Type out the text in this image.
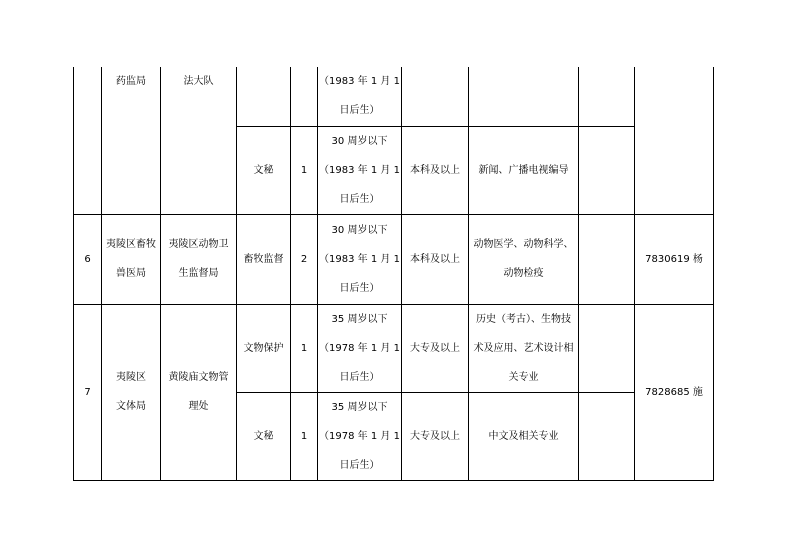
	药监局	法大队			（1983 年 1 月 1
日后生）				

			文秘	1	30 周岁以下
（1983 年 1 月 1
日后生）	本科及以上	新闻、广播电视编导		

6	夷陵区畜牧
兽医局	夷陵区动物卫
生监督局	畜牧监督	2	30 周岁以下
（1983 年 1 月 1
日后生）	本科及以上	动物医学、动物科学、
动物检疫		7830619 杨

7	夷陵区
文体局	黄陵庙文物管
理处	文物保护	1	35 周岁以下
（1978 年 1 月 1
日后生）	大专及以上	历史（考古）、生物技
术及应用、艺术设计相
关专业		7828685 施

			文秘	1	35 周岁以下
（1978 年 1 月 1
日后生）	大专及以上	中文及相关专业		
